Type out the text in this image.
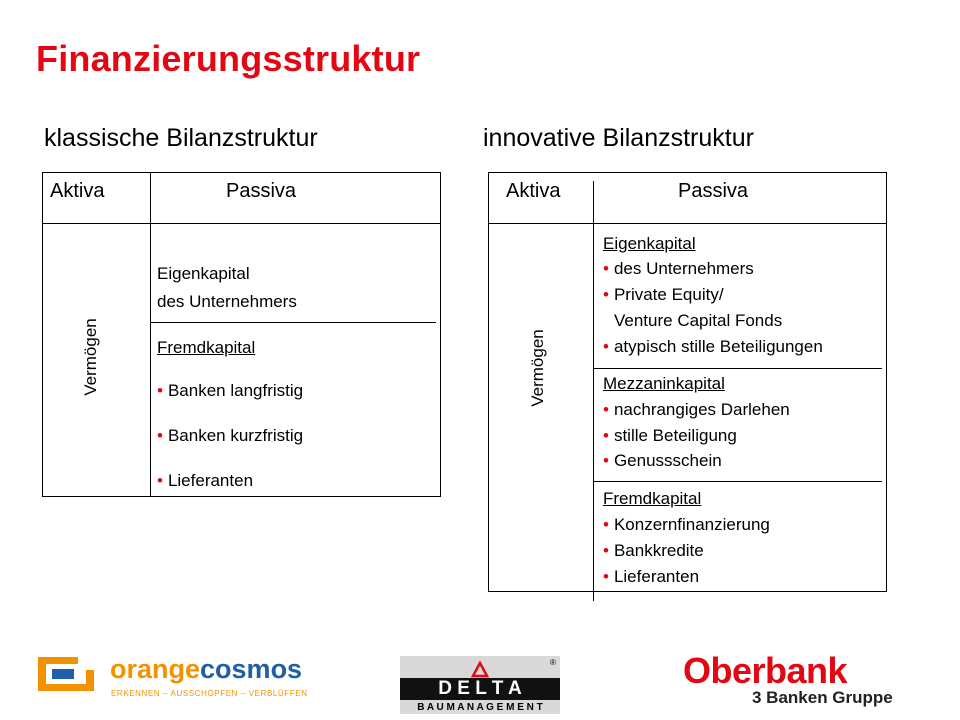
Finanzierungsstruktur
klassische Bilanzstruktur
Aktiva	Passiva
Vermögen
Eigenkapital
des Unternehmers
Fremdkapital
• Banken langfristig
• Banken kurzfristig
• Lieferanten
innovative Bilanzstruktur
Aktiva	Passiva
Vermögen
Eigenkapital
• des Unternehmers
• Private Equity/
Venture Capital Fonds
• atypisch stille Beteiligungen
Mezzaninkapital
• nachrangiges Darlehen
• stille Beteiligung
• Genussschein
Fremdkapital
• Konzernfinanzierung
• Bankkredite
• Lieferanten
orangecosmos
ERKENNEN – AUSSCHÖPFEN – VERBLÜFFEN
®
D E L T A
B A U M A N A G E M E N T
Oberbank
3 Banken Gruppe
